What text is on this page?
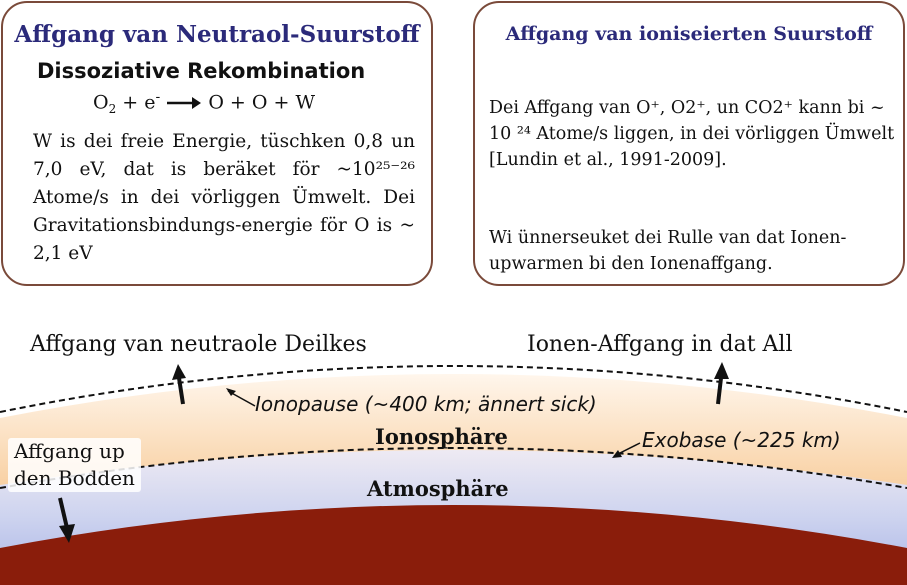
Affgang van Neutraol-Suurstoff
Dissoziative Rekombination
$O_2 + e^- \to O + O + W$
W is dei freie Energie, tüschken 0,8 un 7,0 eV, dat is beräket för ~10²⁵⁻²⁶ Atome/s in dei vörliggen Ümwelt. Dei Gravitationsbindungs-energie för O is ~ 2,1 eV
Affgang van ioniseierten Suurstoff
Dei Affgang van O⁺, O2⁺, un CO2⁺ kann bi ~ 10 ²⁴ Atome/s liggen, in dei vörliggen Ümwelt [Lundin et al., 1991-2009].
Wi ünnerseuket dei Rulle van dat Ionen-upwarmen bi den Ionenaffgang.
Affgang van neutraole Deilkes	Ionen-Affgang in dat All
Ionopause (~400 km; ännert sick)
Ionosphäre	Exobase (~225 km)
Atmosphäre
Affgang up
den Bodden
